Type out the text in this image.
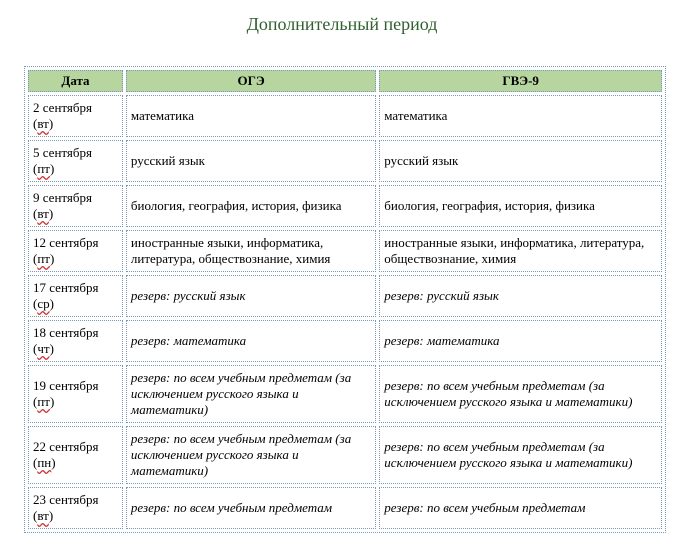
Дополнительный период
Дата	ОГЭ	ГВЭ-9
2 сентября
(вт)	математика	математика
5 сентября
(пт)	русский язык	русский язык
9 сентября
(вт)	биология, география, история, физика	биология, география, история, физика
12 сентября
(пт)	иностранные языки, информатика, литература, обществознание, химия	иностранные языки, информатика, литература, обществознание, химия
17 сентября
(ср)	резерв: русский язык	резерв: русский язык
18 сентября
(чт)	резерв: математика	резерв: математика
19 сентября
(пт)	резерв: по всем учебным предметам (за исключением русского языка и математики)	резерв: по всем учебным предметам (за исключением русского языка и математики)
22 сентября
(пн)	резерв: по всем учебным предметам (за исключением русского языка и математики)	резерв: по всем учебным предметам (за исключением русского языка и математики)
23 сентября
(вт)	резерв: по всем учебным предметам	резерв: по всем учебным предметам
